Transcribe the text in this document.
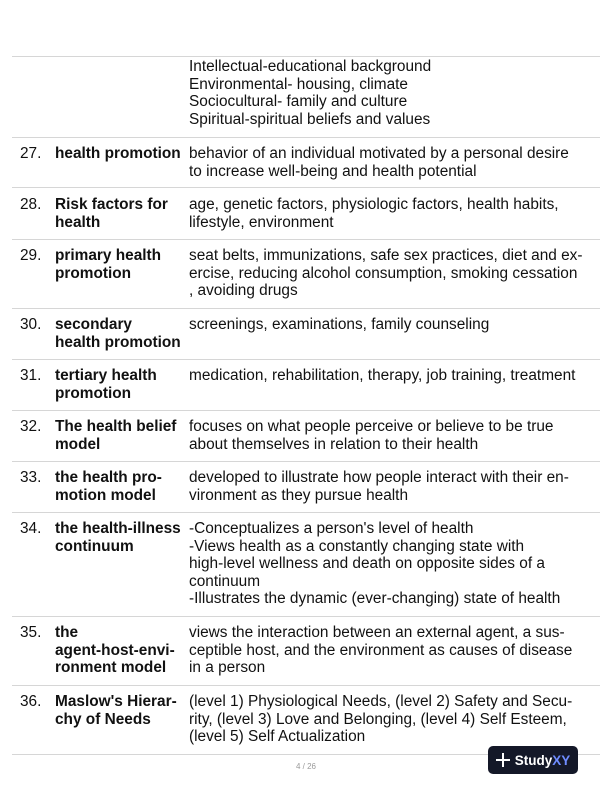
Intellectual-educational background
Environmental- housing, climate
Sociocultural- family and culture
Spiritual-spiritual beliefs and values
27. health promotion behavior of an individual motivated by a personal desire
to increase well-being and health potential
28. Risk factors for
health
age, genetic factors, physiologic factors, health habits,
lifestyle, environment
29. primary health
promotion
seat belts, immunizations, safe sex practices, diet and ex-
ercise, reducing alcohol consumption, smoking cessation
, avoiding drugs
30. secondary
health promotion
screenings, examinations, family counseling
31. tertiary health
promotion
medication, rehabilitation, therapy, job training, treatment
32. The health belief
model
focuses on what people perceive or believe to be true
about themselves in relation to their health
33. the health pro-
motion model
developed to illustrate how people interact with their en-
vironment as they pursue health
34. the health-illness
continuum
-Conceptualizes a person's level of health
-Views health as a constantly changing state with
high-level wellness and death on opposite sides of a
continuum
-Illustrates the dynamic (ever-changing) state of health
35. the
agent-host-envi-
ronment model
views the interaction between an external agent, a sus-
ceptible host, and the environment as causes of disease
in a person
36. Maslow's Hierar-
chy of Needs
(level 1) Physiological Needs, (level 2) Safety and Secu-
rity, (level 3) Love and Belonging, (level 4) Self Esteem,
(level 5) Self Actualization
4 / 26	StudyXY
